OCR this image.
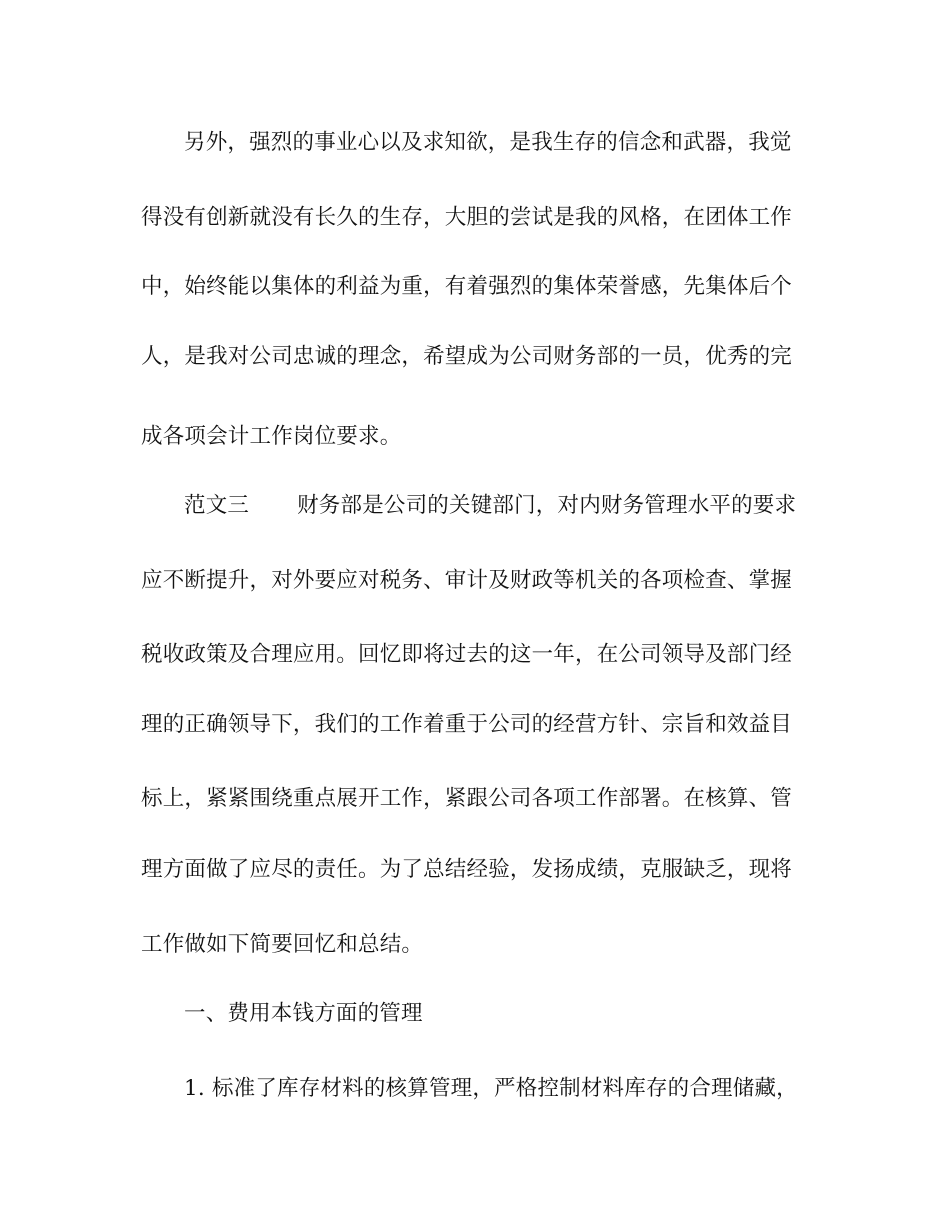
另外，强烈的事业心以及求知欲，是我生存的信念和武器，我觉
得没有创新就没有长久的生存，大胆的尝试是我的风格，在团体工作
中，始终能以集体的利益为重，有着强烈的集体荣誉感，先集体后个
人，是我对公司忠诚的理念，希望成为公司财务部的一员，优秀的完
成各项会计工作岗位要求。
范文三 财务部是公司的关键部门，对内财务管理水平的要求
应不断提升，对外要应对税务、审计及财政等机关的各项检查、掌握
税收政策及合理应用。回忆即将过去的这一年，在公司领导及部门经
理的正确领导下，我们的工作着重于公司的经营方针、宗旨和效益目
标上，紧紧围绕重点展开工作，紧跟公司各项工作部署。在核算、管
理方面做了应尽的责任。为了总结经验，发扬成绩，克服缺乏，现将
工作做如下简要回忆和总结。
一、费用本钱方面的管理
1. 标准了库存材料的核算管理，严格控制材料库存的合理储藏，
